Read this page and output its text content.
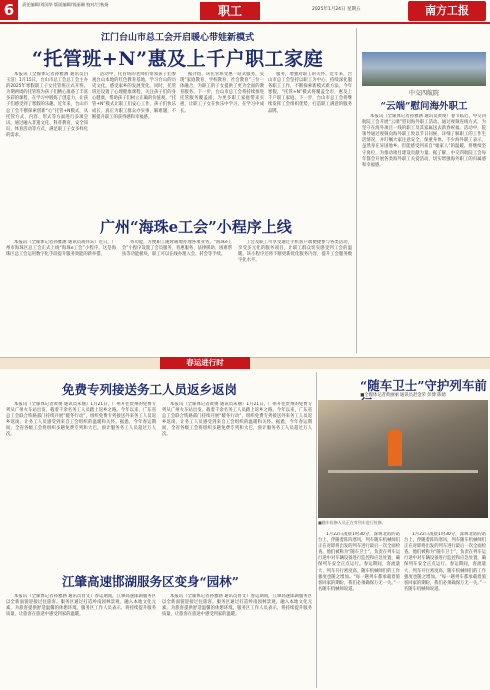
6	责任编辑/刘国华 版面编辑/钱丽珊 校对/吕秋扬	职工	2025年1月24日 星期五	南方工报
江门台山市总工会开启暖心带娃新模式
“托管班+N”惠及上千户职工家庭

本报讯（全媒体记者孙雅涵 通讯员白玉洁）1月15日，台山市总工会总工会主办的2025年寒假职工子女托管班正式开班。为期两周的托管班为孩子们精心准备了丰富多彩的课程，在学习中锻炼了创造力，让孩子们感受到了寒假的乐趣。近年来，台山市总工会不断探索创新“心”托管+N模式，从托管方式、内容、形式等方面进行多项尝试，通过融入非遗文化、科普教育、安全知识、体育活动等方式，满足职工子女多样化的需求。

活动中，托管班的老师们带领孩子们参观台山本地的红色教育基地，学习台山的历史文化，感受家乡的发展变化。同时，托管班还设置了心理健康课程，关注孩子们的身心健康，帮助孩子们树立正确的价值观。“托管+N”模式让职工们安心工作、孩子们快乐成长，真正为职工群众办实事、解难题，不断提升职工的获得感和幸福感。

据介绍，该托管班受惠一站式服务，实现“家庭教育、学校教育、社会教育”三位一体融合，为职工的子女提供了更为全面的教育服务。下一步，台山市总工会将持续推进托管服务覆盖面，为更多职工家庭带来实惠，让职工子女在快乐中学习，在学习中成长。

服务，增强对职工的关怀。近年来，台山市总工会坚持以职工为中心，持续深化服务职工工作，不断探索新模式新方法。今年寒假，“托管+N”模式将覆盖全市，惠及上千户职工家庭。下一步，台山市总工会将继续发挥工会组织优势，打造职工满意的服务品牌。

广州“海珠e工会”小程序上线

本报讯（全媒体记者孙雅涵 通讯员胡伟宾）近日，广州市海珠区总工会正式上线“海珠e工会”小程序，这是海珠区总工会运用数字化手段提升服务效能的新举措。

务功能，方便职工随时随地办理各项业务。“海珠e工会”小程序设置了会员服务、普惠服务、法律援助、困难帮扶等功能板块，职工可以在线办理入会、转会等手续。

工会及职工可享受通过手机客户端便捷参与各类活动，享受多元化的服务项目，让职工群众切实感受到工会的温暖。该小程序还将不断更新优化服务内容，提升工会服务数字化水平。

中交四航院
“云端”慰问海外职工

本报讯（全媒体记者孙雅涵 通讯员黄俊）春节临近，中交四航院工会开展“云端”慰问海外职工活动。通过视频连线方式，为坚守在海外项目一线的职工及其家属送去新春祝福。活动中，院领导通过视频向海外职工致以节日问候，详细了解职工的工作生活情况，并叮嘱大家注意安全、保重身体。不少海外职工表示，虽然身在异国他乡，但能感受到来自“娘家人”的温暖，将继续坚守岗位，为推动项目建设贡献力量。据了解，中交四航院工会每年都会开展各类海外职工关爱活动，切实增强海外职工的归属感和幸福感。

春运进行时
免费专列接送务工人员返乡返岗

本报讯（全媒体记者黄俊 通讯员朱丽）1月21日，广州开往贵州的免费专列从广州火车站出发，载着千余名务工人员踏上返乡之路。今年以来，广东省总工会联合铁路部门持续开展“暖冬行动”，组织免费专列接送外来务工人员返乡返岗，让务工人员感受到来自工会组织的温暖和关怀。据悉，今年春运期间，全省各级工会将组织多趟免费专列和大巴，预计服务务工人员超过万人次。

本报讯（全媒体记者黄俊 通讯员朱丽）1月21日，广州开往贵州的免费专列从广州火车站出发，载着千余名务工人员踏上返乡之路。今年以来，广东省总工会联合铁路部门持续开展“暖冬行动”，组织免费专列接送外来务工人员返乡返岗，让务工人员感受到来自工会组织的温暖和关怀。据悉，今年春运期间，全省各级工会将组织多趟免费专列和大巴，预计服务务工人员超过万人次。

“随车卫士”守护列车前
■全媒体记者黄丽丽 通讯员赵金荣 彭博 陈婧
■随车检修人员正在对列车进行检修。

1月22日凌晨1时30分，深圳北站的站台上，伴随着阵阵寒风，列车随车机械师们正在对即将出发的列车进行最后一次全面检查。他们被称为“随车卫士”，负责在列车运行途中对车辆设备进行监控和应急处置，确保列车安全正点运行。春运期间，客流量大、列车开行密度高，随车机械师们的工作强度也随之增加。“每一趟列车都承载着旅客回家的期盼，我们必须确保万无一失。”一名随车机械师说道。

1月22日凌晨1时30分，深圳北站的站台上，伴随着阵阵寒风，列车随车机械师们正在对即将出发的列车进行最后一次全面检查。他们被称为“随车卫士”，负责在列车运行途中对车辆设备进行监控和应急处置，确保列车安全正点运行。春运期间，客流量大、列车开行密度高，随车机械师们的工作强度也随之增加。“每一趟列车都承载着旅客回家的期盼，我们必须确保万无一失。”一名随车机械师说道。

江肇高速邯湖服务区变身“园林”

本报讯（全媒体记者孙雅涵 通讯员曾文）春运期间，江肇高速邯湖服务区以全新面貌迎接过往旅客。服务区通过打造岭南园林景观，融入本地文化元素，为旅客提供舒适温馨的休憩环境。服务区工作人员表示，将持续提升服务质量，让旅客在旅途中感受到家的温暖。

本报讯（全媒体记者孙雅涵 通讯员曾文）春运期间，江肇高速邯湖服务区以全新面貌迎接过往旅客。服务区通过打造岭南园林景观，融入本地文化元素，为旅客提供舒适温馨的休憩环境。服务区工作人员表示，将持续提升服务质量，让旅客在旅途中感受到家的温暖。
